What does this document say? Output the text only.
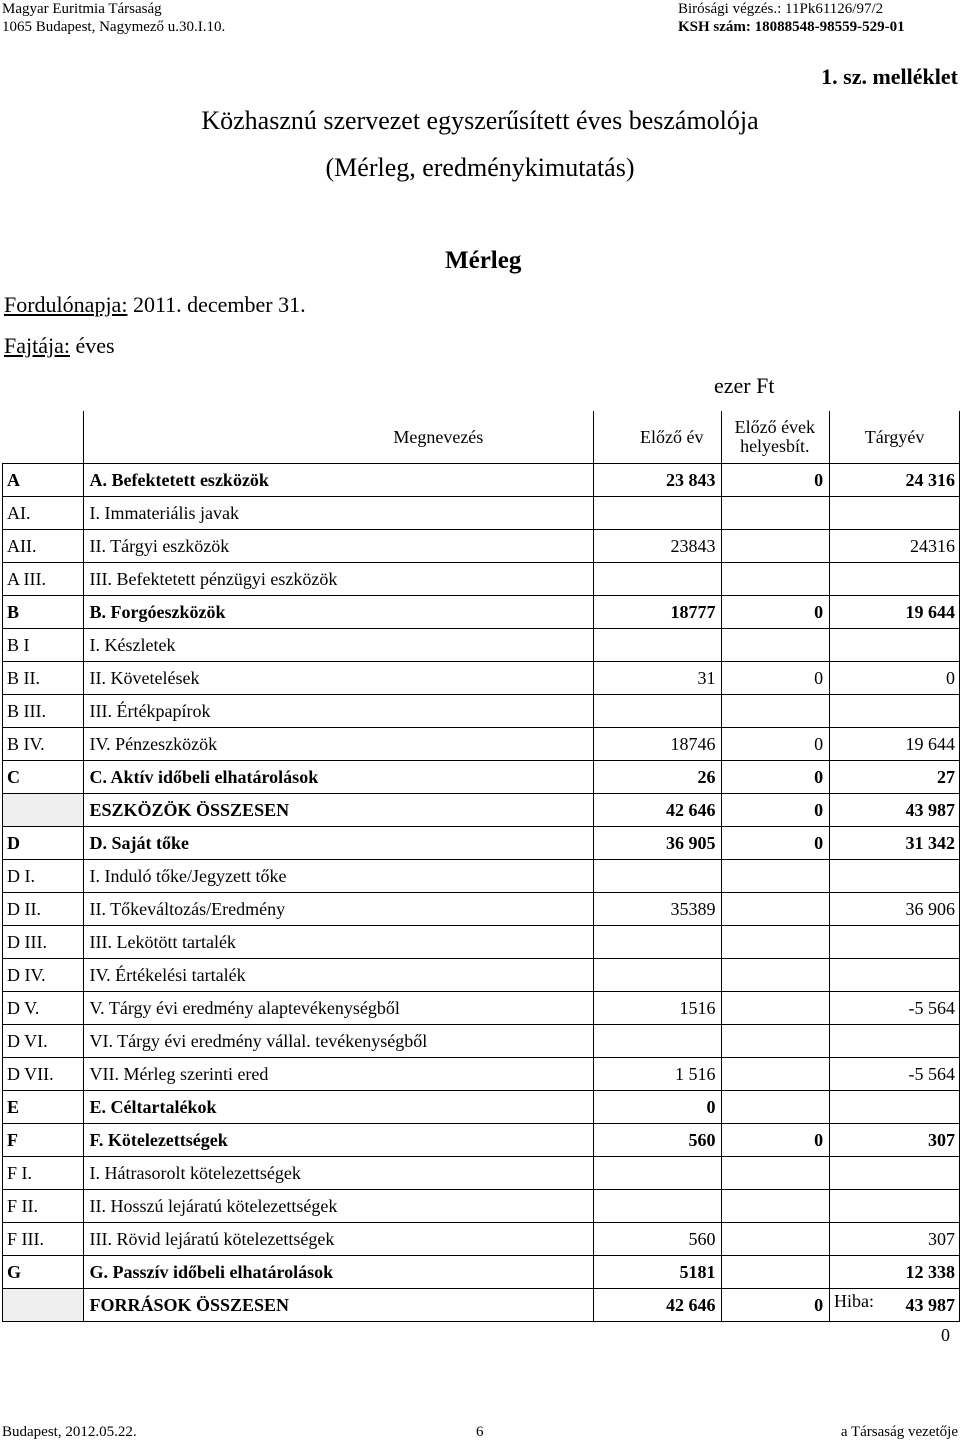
Magyar Euritmia Társaság
1065 Budapest, Nagymező u.30.I.10.
Birósági végzés.: 11Pk61126/97/2
KSH szám: 18088548-98559-529-01
1. sz. melléklet
Közhasznú szervezet egyszerűsített éves beszámolója
(Mérleg, eredménykimutatás)
Mérleg
Fordulónapja: 2011. december 31.
Fajtája: éves
ezer Ft
	Megnevezés	Előző év	Előző évek
helyesbít.	Tárgyév
A	A. Befektetett eszközök	23 843	0	24 316
AI.	I. Immateriális javak			
AII.	II. Tárgyi eszközök	23843		24316
A III.	III. Befektetett pénzügyi eszközök			
B	B. Forgóeszközök	18777	0	19 644
B I	I. Készletek			
B II.	II. Követelések	31	0	0
B III.	III. Értékpapírok			
B IV.	IV. Pénzeszközök	18746	0	19 644
C	C. Aktív időbeli elhatárolások	26	0	27
	ESZKÖZÖK ÖSSZESEN	42 646	0	43 987
D	D. Saját tőke	36 905	0	31 342
D I.	I. Induló tőke/Jegyzett tőke			
D II.	II. Tőkeváltozás/Eredmény	35389		36 906
D III.	III. Lekötött tartalék			
D IV.	IV. Értékelési tartalék			
D V.	V. Tárgy évi eredmény alaptevékenységből	1516		-5 564
D VI.	VI. Tárgy évi eredmény vállal. tevékenységből			
D VII.	VII. Mérleg szerinti ered	1 516		-5 564
E	E. Céltartalékok	0		
F	F. Kötelezettségek	560	0	307
F I.	I. Hátrasorolt kötelezettségek			
F II.	II. Hosszú lejáratú kötelezettségek			
F III.	III. Rövid lejáratú kötelezettségek	560		307
G	G. Passzív időbeli elhatárolások	5181		12 338
	FORRÁSOK ÖSSZESEN	42 646	0	43 987
Hiba:
0
Budapest, 2012.05.22.	6	a Társaság vezetője
